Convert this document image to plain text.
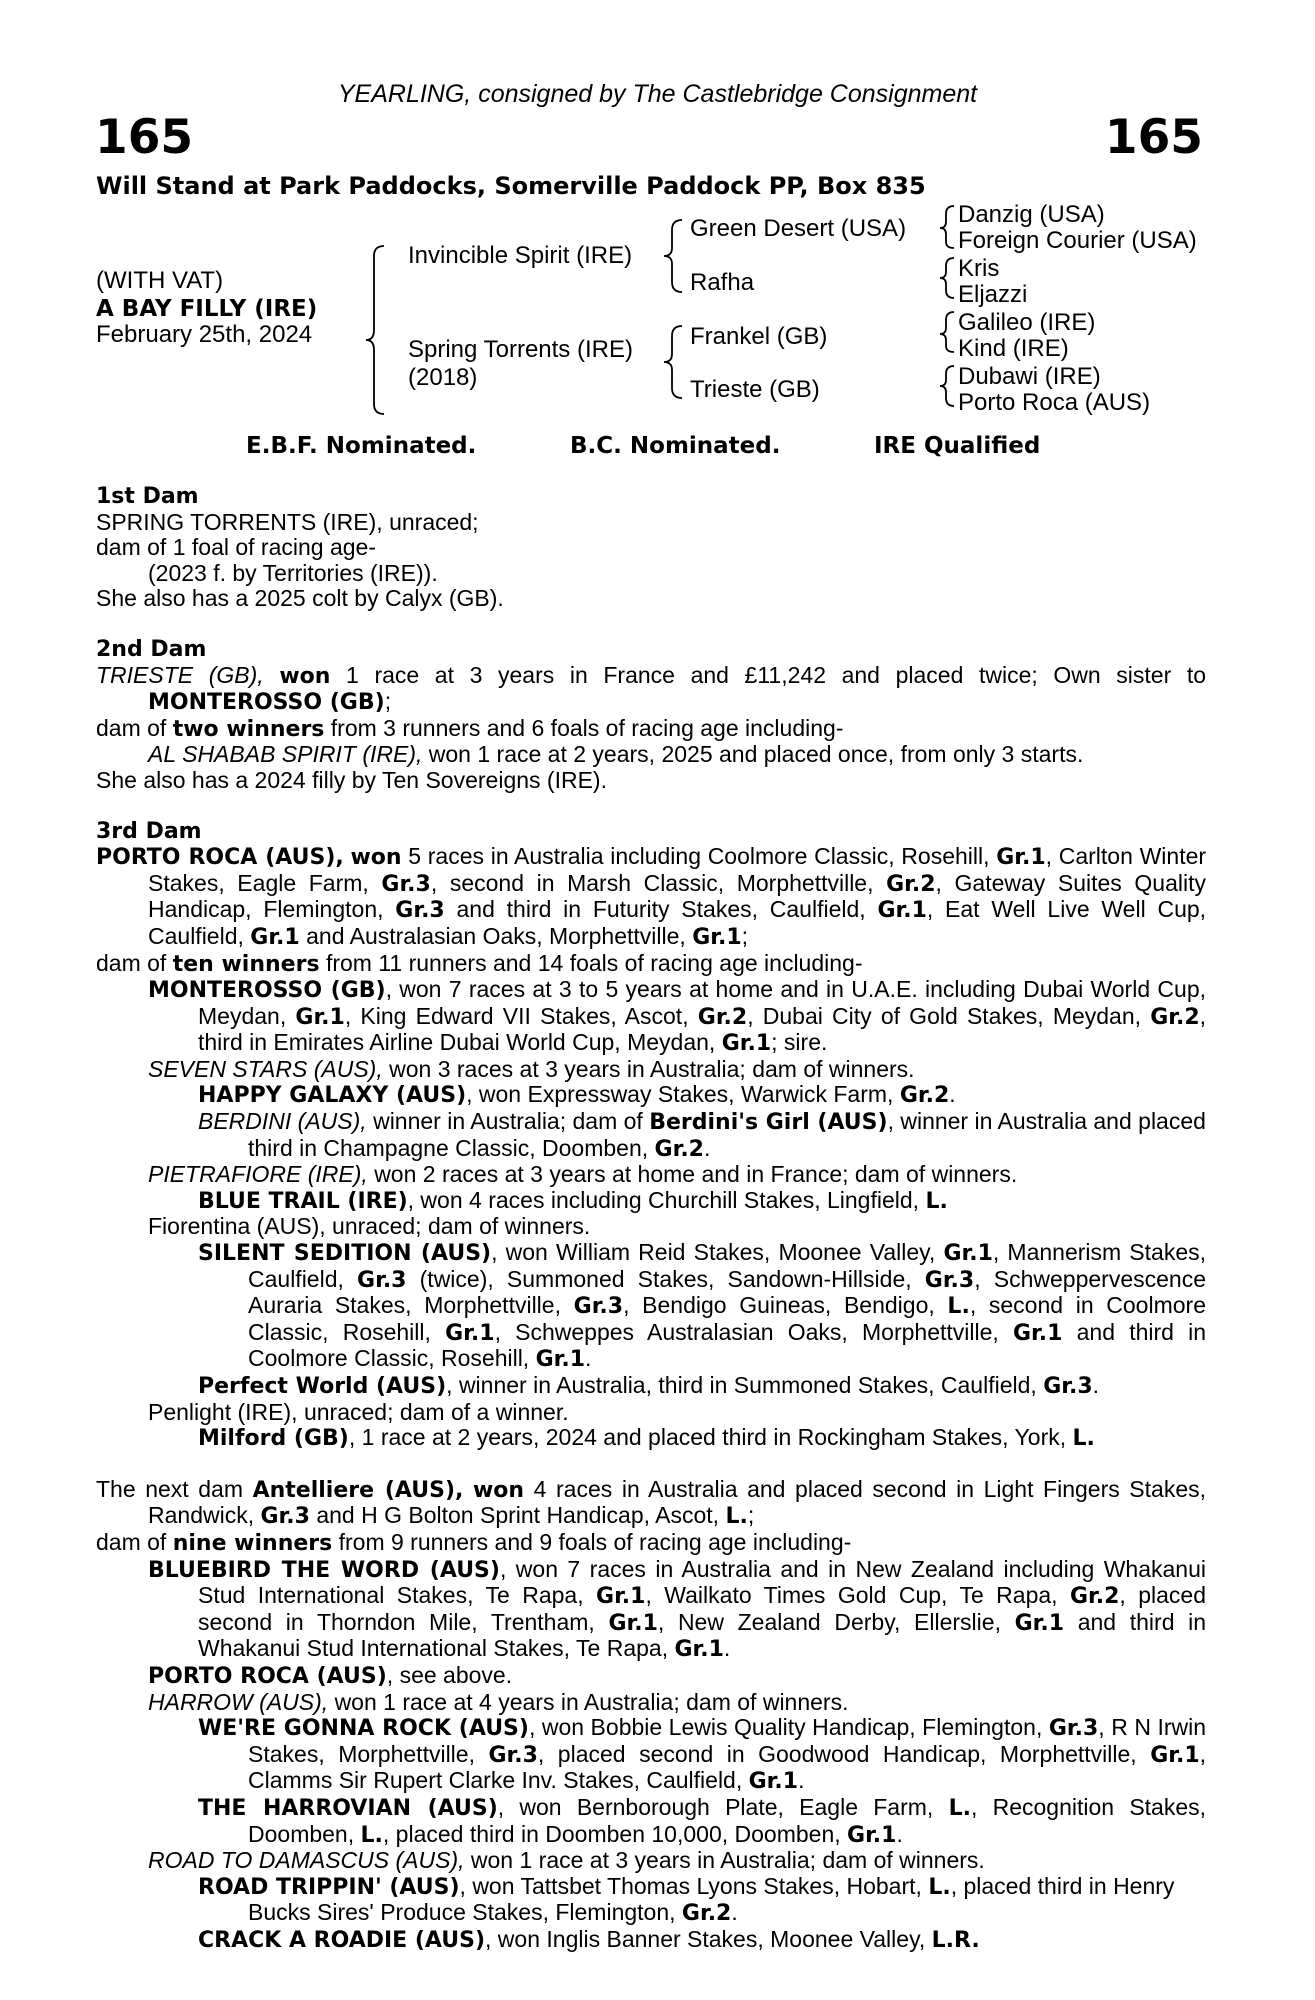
YEARLING, consigned by The Castlebridge Consignment
165	165
Will Stand at Park Paddocks, Somerville Paddock PP, Box 835
(WITH VAT)
A BAY FILLY (IRE)
February 25th, 2024
Invincible Spirit (IRE)
Spring Torrents (IRE)
(2018)
Green Desert (USA)
Rafha
Frankel (GB)
Trieste (GB)
Danzig (USA)
Foreign Courier (USA)
Kris
Eljazzi
Galileo (IRE)
Kind (IRE)
Dubawi (IRE)
Porto Roca (AUS)
E.B.F. Nominated.	B.C. Nominated.	IRE Qualified
1st Dam
SPRING TORRENTS (IRE), unraced;
dam of 1 foal of racing age-
(2023 f. by Territories (IRE)).
She also has a 2025 colt by Calyx (GB).
2nd Dam
TRIESTE (GB), won 1 race at 3 years in France and £11,242 and placed twice; Own sister to MONTEROSSO (GB);
dam of two winners from 3 runners and 6 foals of racing age including-
AL SHABAB SPIRIT (IRE), won 1 race at 2 years, 2025 and placed once, from only 3 starts.
She also has a 2024 filly by Ten Sovereigns (IRE).
3rd Dam
PORTO ROCA (AUS), won 5 races in Australia including Coolmore Classic, Rosehill, Gr.1, Carlton Winter Stakes, Eagle Farm, Gr.3, second in Marsh Classic, Morphettville, Gr.2, Gateway Suites Quality Handicap, Flemington, Gr.3 and third in Futurity Stakes, Caulfield, Gr.1, Eat Well Live Well Cup, Caulfield, Gr.1 and Australasian Oaks, Morphettville, Gr.1;
dam of ten winners from 11 runners and 14 foals of racing age including-
MONTEROSSO (GB), won 7 races at 3 to 5 years at home and in U.A.E. including Dubai World Cup, Meydan, Gr.1, King Edward VII Stakes, Ascot, Gr.2, Dubai City of Gold Stakes, Meydan, Gr.2, third in Emirates Airline Dubai World Cup, Meydan, Gr.1; sire.
SEVEN STARS (AUS), won 3 races at 3 years in Australia; dam of winners.
HAPPY GALAXY (AUS), won Expressway Stakes, Warwick Farm, Gr.2.
BERDINI (AUS), winner in Australia; dam of Berdini's Girl (AUS), winner in Australia and placed third in Champagne Classic, Doomben, Gr.2.
PIETRAFIORE (IRE), won 2 races at 3 years at home and in France; dam of winners.
BLUE TRAIL (IRE), won 4 races including Churchill Stakes, Lingfield, L.
Fiorentina (AUS), unraced; dam of winners.
SILENT SEDITION (AUS), won William Reid Stakes, Moonee Valley, Gr.1, Mannerism Stakes, Caulfield, Gr.3 (twice), Summoned Stakes, Sandown-Hillside, Gr.3, Schweppervescence Auraria Stakes, Morphettville, Gr.3, Bendigo Guineas, Bendigo, L., second in Coolmore Classic, Rosehill, Gr.1, Schweppes Australasian Oaks, Morphettville, Gr.1 and third in Coolmore Classic, Rosehill, Gr.1.
Perfect World (AUS), winner in Australia, third in Summoned Stakes, Caulfield, Gr.3.
Penlight (IRE), unraced; dam of a winner.
Milford (GB), 1 race at 2 years, 2024 and placed third in Rockingham Stakes, York, L.
The next dam Antelliere (AUS), won 4 races in Australia and placed second in Light Fingers Stakes, Randwick, Gr.3 and H G Bolton Sprint Handicap, Ascot, L.;
dam of nine winners from 9 runners and 9 foals of racing age including-
BLUEBIRD THE WORD (AUS), won 7 races in Australia and in New Zealand including Whakanui Stud International Stakes, Te Rapa, Gr.1, Wailkato Times Gold Cup, Te Rapa, Gr.2, placed second in Thorndon Mile, Trentham, Gr.1, New Zealand Derby, Ellerslie, Gr.1 and third in Whakanui Stud International Stakes, Te Rapa, Gr.1.
PORTO ROCA (AUS), see above.
HARROW (AUS), won 1 race at 4 years in Australia; dam of winners.
WE'RE GONNA ROCK (AUS), won Bobbie Lewis Quality Handicap, Flemington, Gr.3, R N Irwin Stakes, Morphettville, Gr.3, placed second in Goodwood Handicap, Morphettville, Gr.1, Clamms Sir Rupert Clarke Inv. Stakes, Caulfield, Gr.1.
THE HARROVIAN (AUS), won Bernborough Plate, Eagle Farm, L., Recognition Stakes, Doomben, L., placed third in Doomben 10,000, Doomben, Gr.1.
ROAD TO DAMASCUS (AUS), won 1 race at 3 years in Australia; dam of winners.
ROAD TRIPPIN' (AUS), won Tattsbet Thomas Lyons Stakes, Hobart, L., placed third in Henry Bucks Sires' Produce Stakes, Flemington, Gr.2.
CRACK A ROADIE (AUS), won Inglis Banner Stakes, Moonee Valley, L.R.
